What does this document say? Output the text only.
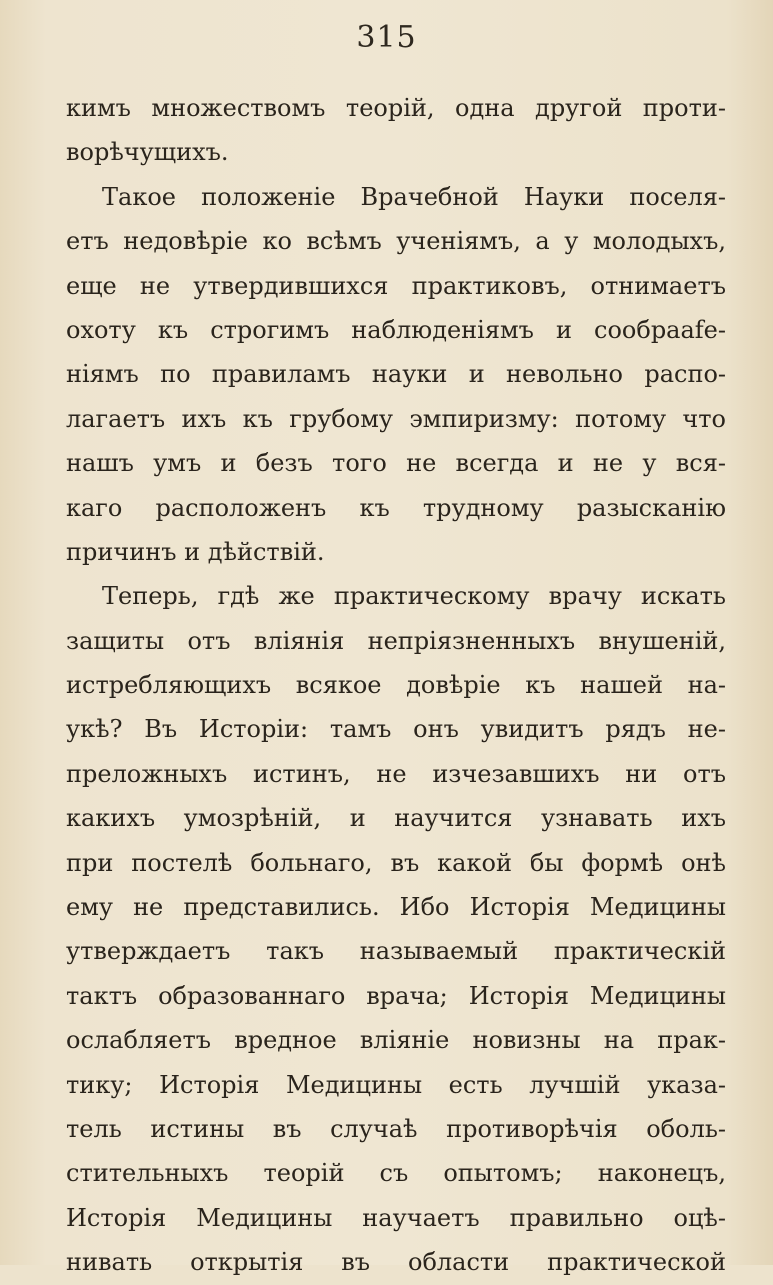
315
кимъ множествомъ теорій, одна другой проти-
ворѣчущихъ.
Такое положеніе Врачебной Науки поселя-
етъ недовѣріе ко всѣмъ ученіямъ, а у молодыхъ,
еще не утвердившихся практиковъ, отнимаетъ
охоту къ строгимъ наблюденіямъ и сообраafe-
ніямъ по правиламъ науки и невольно распо-
лагаетъ ихъ къ грубому эмпиризму: потому что
нашъ умъ и безъ того не всегда и не у вся-
каго расположенъ къ трудному разысканію
причинъ и дѣйствій.
Теперь, гдѣ же практическому врачу искать
защиты отъ вліянія непріязненныхъ внушеній,
истребляющихъ всякое довѣріе къ нашей на-
укѣ? Въ Исторіи: тамъ онъ увидитъ рядъ не-
преложныхъ истинъ, не изчезавшихъ ни отъ
какихъ умозрѣній, и научится узнавать ихъ
при постелѣ больнаго, въ какой бы формѣ онѣ
ему не представились. Ибо Исторія Медицины
утверждаетъ такъ называемый практическій
тактъ образованнаго врача; Исторія Медицины
ослабляетъ вредное вліяніе новизны на прак-
тику; Исторія Медицины есть лучшій указа-
тель истины въ случаѣ противорѣчія оболь-
стительныхъ теорій съ опытомъ; наконецъ,
Исторія Медицины научаетъ правильно оцѣ-
нивать открытія въ области практической
